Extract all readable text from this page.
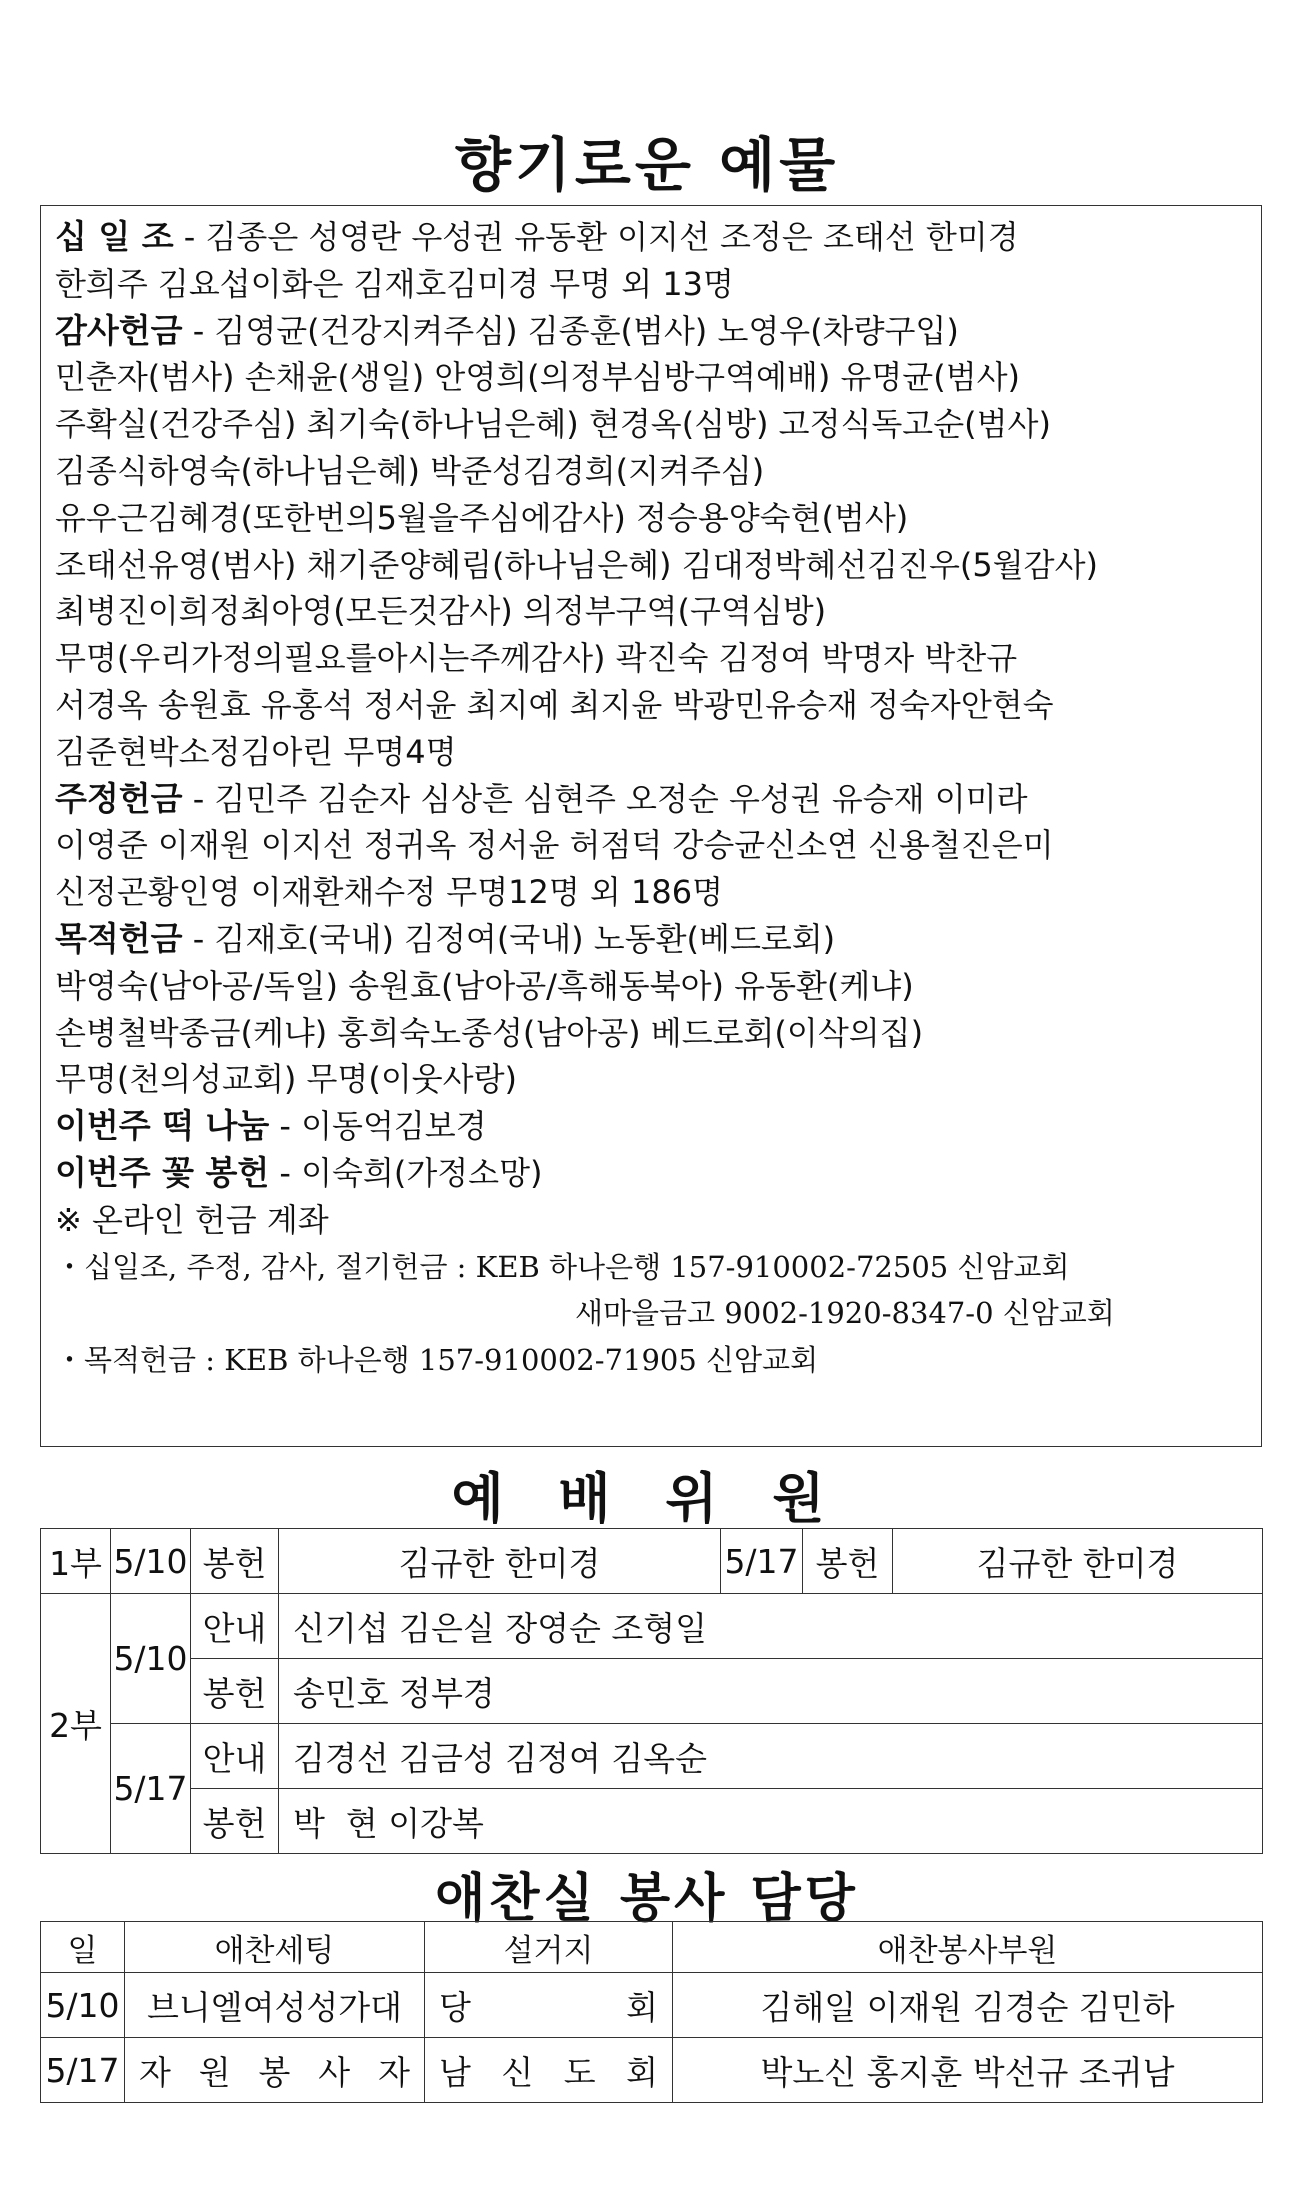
향기로운 예물
십 일 조 - 김종은 성영란 우성권 유동환 이지선 조정은 조태선 한미경
한희주 김요섭이화은 김재호김미경 무명 외 13명
감사헌금 - 김영균(건강지켜주심) 김종훈(범사) 노영우(차량구입)
민춘자(범사) 손채윤(생일) 안영희(의정부심방구역예배) 유명균(범사)
주확실(건강주심) 최기숙(하나님은혜) 현경옥(심방) 고정식독고순(범사)
김종식하영숙(하나님은혜) 박준성김경희(지켜주심)
유우근김혜경(또한번의5월을주심에감사) 정승용양숙현(범사)
조태선유영(범사) 채기준양혜림(하나님은혜) 김대정박혜선김진우(5월감사)
최병진이희정최아영(모든것감사) 의정부구역(구역심방)
무명(우리가정의필요를아시는주께감사) 곽진숙 김정여 박명자 박찬규
서경옥 송원효 유홍석 정서윤 최지예 최지윤 박광민유승재 정숙자안현숙
김준현박소정김아린 무명4명
주정헌금 - 김민주 김순자 심상흔 심현주 오정순 우성권 유승재 이미라
이영준 이재원 이지선 정귀옥 정서윤 허점덕 강승균신소연 신용철진은미
신정곤황인영 이재환채수정 무명12명 외 186명
목적헌금 - 김재호(국내) 김정여(국내) 노동환(베드로회)
박영숙(남아공/독일) 송원효(남아공/흑해동북아) 유동환(케냐)
손병철박종금(케냐) 홍희숙노종성(남아공) 베드로회(이삭의집)
무명(천의성교회) 무명(이웃사랑)
이번주 떡 나눔 - 이동억김보경
이번주 꽃 봉헌 - 이숙희(가정소망)
※ 온라인 헌금 계좌
・십일조, 주정, 감사, 절기헌금 : KEB 하나은행 157-910002-72505 신암교회
새마을금고 9002-1920-8347-0 신암교회
・목적헌금 : KEB 하나은행 157-910002-71905 신암교회
예 배 위 원
1부	5/10	봉헌	김규한 한미경	5/17	봉헌	김규한 한미경
2부	5/10	안내	신기섭 김은실 장영순 조형일			
		봉헌	송민호 정부경			
	5/17	안내	김경선 김금성 김정여 김옥순			
		봉헌	박  현 이강복			
애찬실 봉사 담당
일	애찬세팅	설거지	애찬봉사부원
5/10	브니엘여성성가대	당 회	김해일 이재원 김경순 김민하
5/17	자 원 봉 사 자	남 신 도 회	박노신 홍지훈 박선규 조귀남
